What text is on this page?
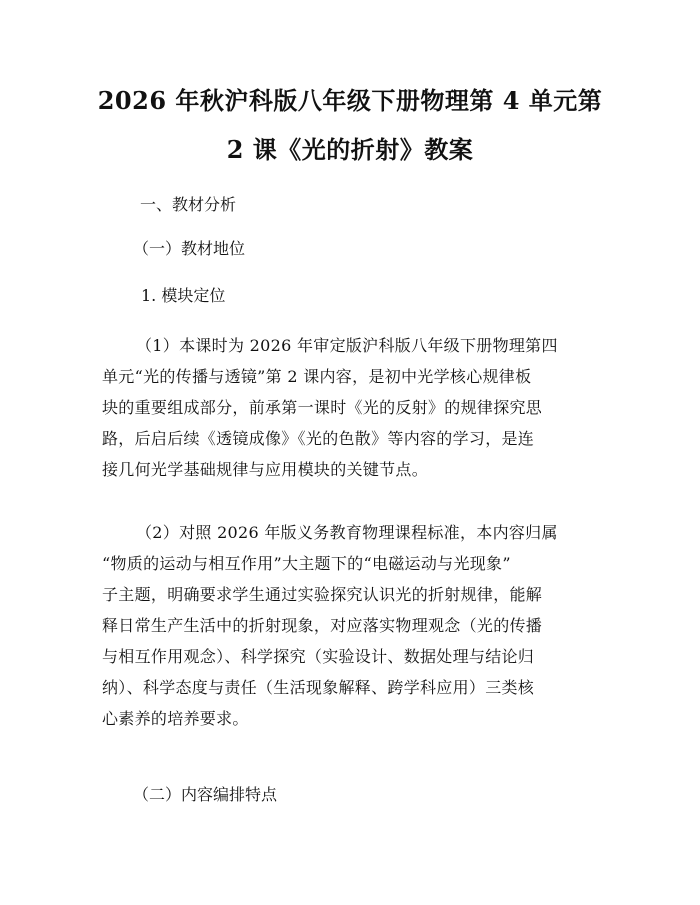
2026 年秋沪科版八年级下册物理第 4 单元第
2 课《光的折射》教案
一、教材分析
（一）教材地位
1. 模块定位
（1）本课时为 2026 年审定版沪科版八年级下册物理第四
单元“光的传播与透镜”第 2 课内容，是初中光学核心规律板
块的重要组成部分，前承第一课时《光的反射》的规律探究思
路，后启后续《透镜成像》《光的色散》等内容的学习，是连
接几何光学基础规律与应用模块的关键节点。
（2）对照 2026 年版义务教育物理课程标准，本内容归属
“物质的运动与相互作用”大主题下的“电磁运动与光现象”
子主题，明确要求学生通过实验探究认识光的折射规律，能解
释日常生产生活中的折射现象，对应落实物理观念（光的传播
与相互作用观念）、科学探究（实验设计、数据处理与结论归
纳）、科学态度与责任（生活现象解释、跨学科应用）三类核
心素养的培养要求。
（二）内容编排特点
